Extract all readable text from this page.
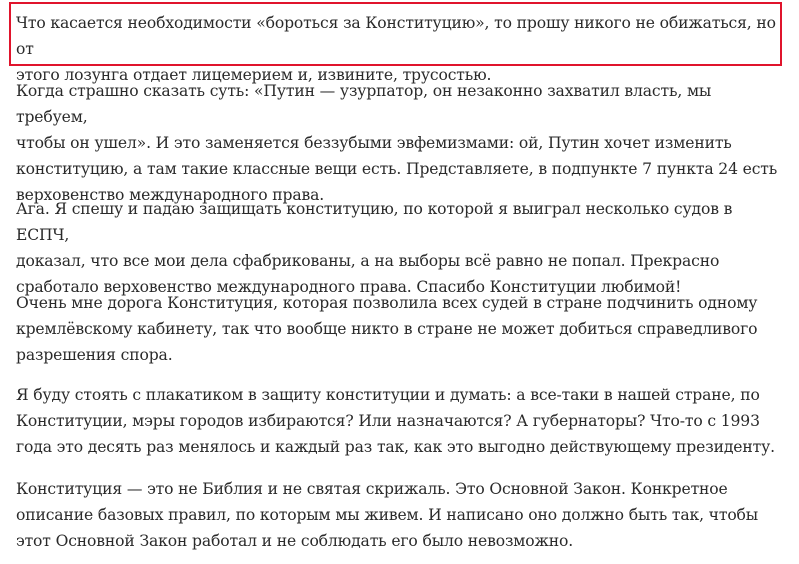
Что касается необходимости «бороться за Конституцию», то прошу никого не обижаться, но от
этого лозунга отдает лицемерием и, извините, трусостью.

Когда страшно сказать суть: «Путин — узурпатор, он незаконно захватил власть, мы требуем,
чтобы он ушел». И это заменяется беззубыми эвфемизмами: ой, Путин хочет изменить
конституцию, а там такие классные вещи есть. Представляете, в подпункте 7 пункта 24 есть
верховенство международного права.

Ага. Я спешу и падаю защищать конституцию, по которой я выиграл несколько судов в ЕСПЧ,
доказал, что все мои дела сфабрикованы, а на выборы всё равно не попал. Прекрасно
сработало верховенство международного права. Спасибо Конституции любимой!

Очень мне дорога Конституция, которая позволила всех судей в стране подчинить одному
кремлёвскому кабинету, так что вообще никто в стране не может добиться справедливого
разрешения спора.

Я буду стоять с плакатиком в защиту конституции и думать: а все-таки в нашей стране, по
Конституции, мэры городов избираются? Или назначаются? А губернаторы? Что-то с 1993
года это десять раз менялось и каждый раз так, как это выгодно действующему президенту.

Конституция — это не Библия и не святая скрижаль. Это Основной Закон. Конкретное
описание базовых правил, по которым мы живем. И написано оно должно быть так, чтобы
этот Основной Закон работал и не соблюдать его было невозможно.
